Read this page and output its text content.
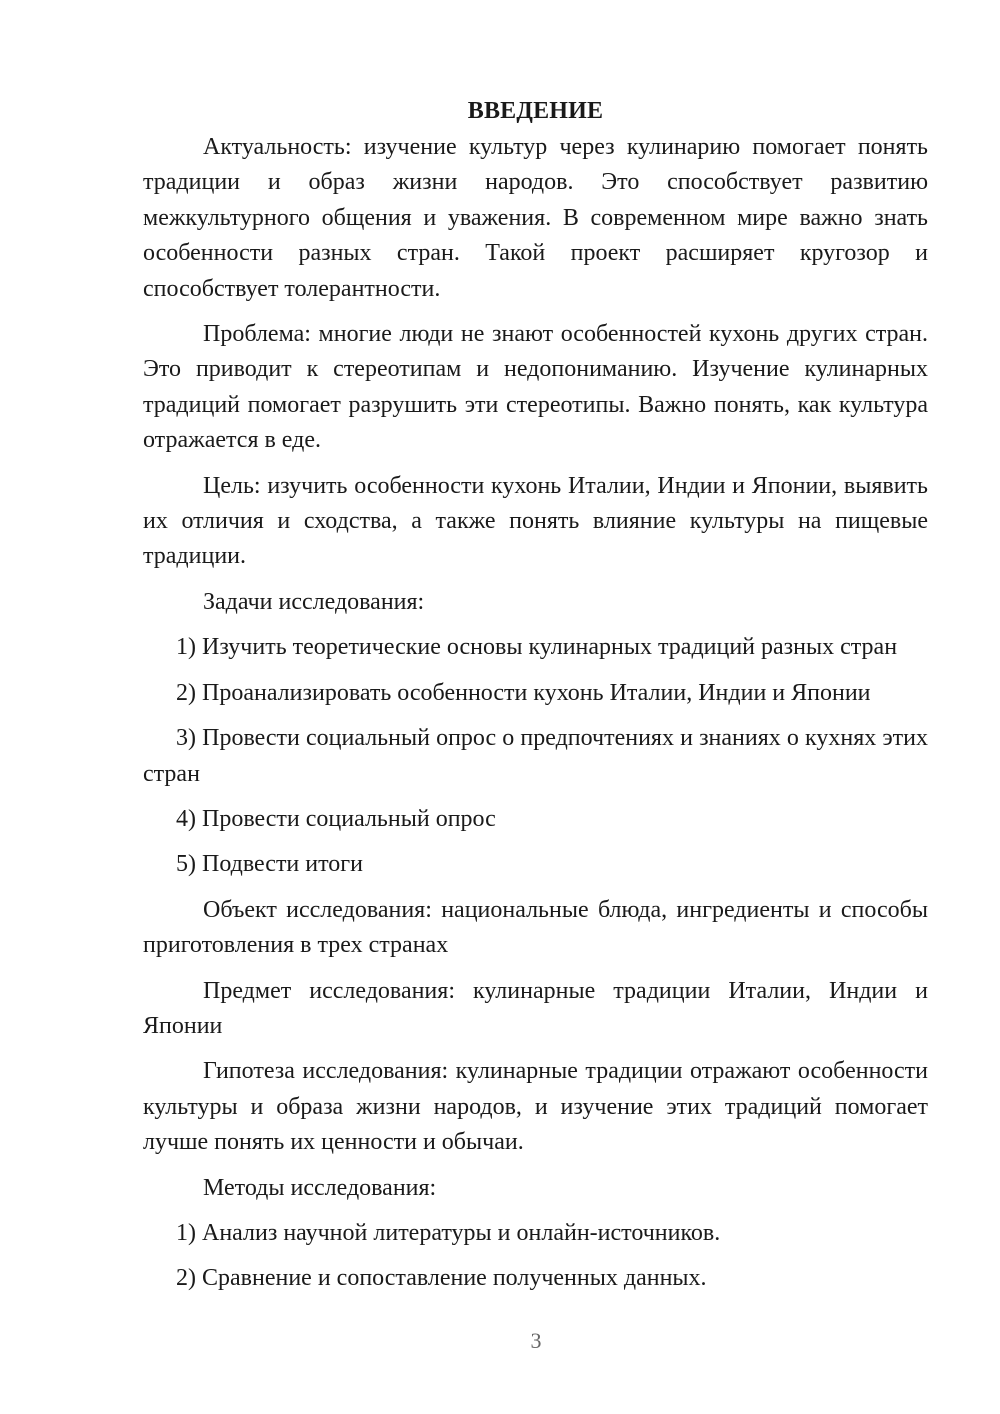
ВВЕДЕНИЕ

Актуальность: изучение культур через кулинарию помогает понять традиции и образ жизни народов. Это способствует развитию межкультурного общения и уважения. В современном мире важно знать особенности разных стран. Такой проект расширяет кругозор и способствует толерантности.

Проблема: многие люди не знают особенностей кухонь других стран. Это приводит к стереотипам и недопониманию. Изучение кулинарных традиций помогает разрушить эти стереотипы. Важно понять, как культура отражается в еде.

Цель: изучить особенности кухонь Италии, Индии и Японии, выявить их отличия и сходства, а также понять влияние культуры на пищевые традиции.

Задачи исследования:

1) Изучить теоретические основы кулинарных традиций разных стран

2) Проанализировать особенности кухонь Италии, Индии и Японии

3) Провести социальный опрос о предпочтениях и знаниях о кухнях этих стран

4) Провести социальный опрос

5) Подвести итоги

Объект исследования: национальные блюда, ингредиенты и способы приготовления в трех странах

Предмет исследования: кулинарные традиции Италии, Индии и Японии

Гипотеза исследования: кулинарные традиции отражают особенности культуры и образа жизни народов, и изучение этих традиций помогает лучше понять их ценности и обычаи.

Методы исследования:

1) Анализ научной литературы и онлайн-источников.

2) Сравнение и сопоставление полученных данных.

3
